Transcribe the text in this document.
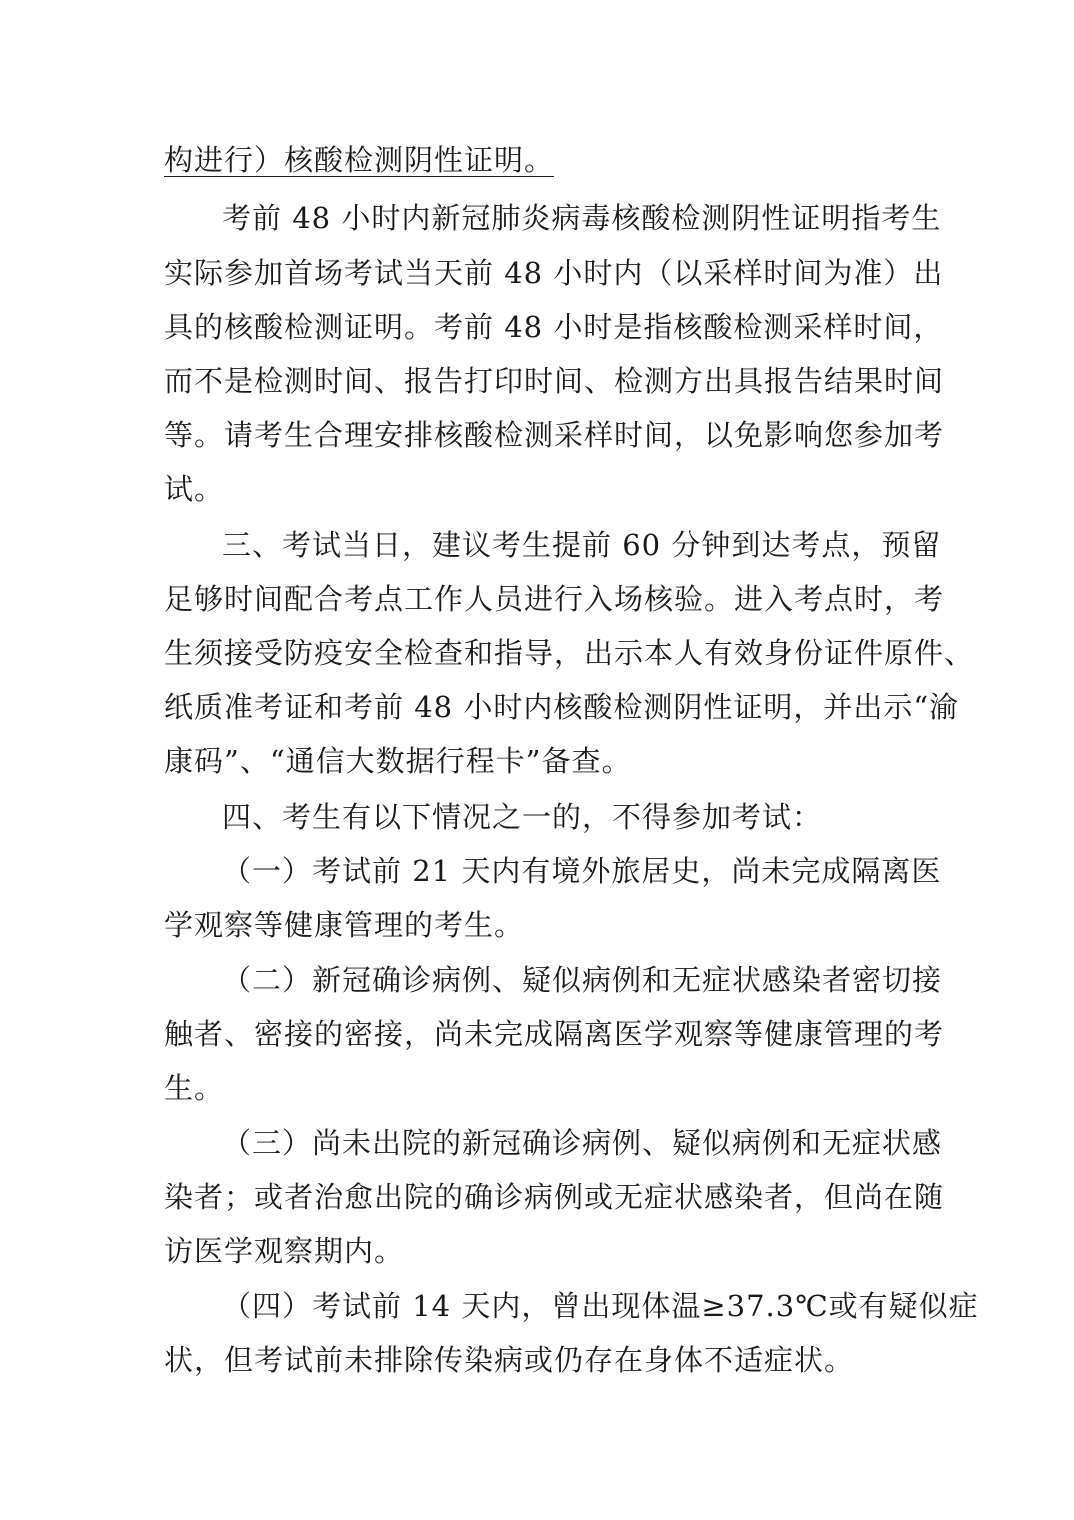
构进行）核酸检测阴性证明。
考前 48 小时内新冠肺炎病毒核酸检测阴性证明指考生
实际参加首场考试当天前 48 小时内（以采样时间为准）出
具的核酸检测证明。考前 48 小时是指核酸检测采样时间，
而不是检测时间、报告打印时间、检测方出具报告结果时间
等。请考生合理安排核酸检测采样时间，以免影响您参加考
试。
三、考试当日，建议考生提前 60 分钟到达考点，预留
足够时间配合考点工作人员进行入场核验。进入考点时，考
生须接受防疫安全检查和指导，出示本人有效身份证件原件、
纸质准考证和考前 48 小时内核酸检测阴性证明，并出示“渝
康码”、“通信大数据行程卡”备查。
四、考生有以下情况之一的，不得参加考试：
（一）考试前 21 天内有境外旅居史，尚未完成隔离医
学观察等健康管理的考生。
（二）新冠确诊病例、疑似病例和无症状感染者密切接
触者、密接的密接，尚未完成隔离医学观察等健康管理的考
生。
（三）尚未出院的新冠确诊病例、疑似病例和无症状感
染者；或者治愈出院的确诊病例或无症状感染者，但尚在随
访医学观察期内。
（四）考试前 14 天内，曾出现体温≥37.3℃或有疑似症
状，但考试前未排除传染病或仍存在身体不适症状。
